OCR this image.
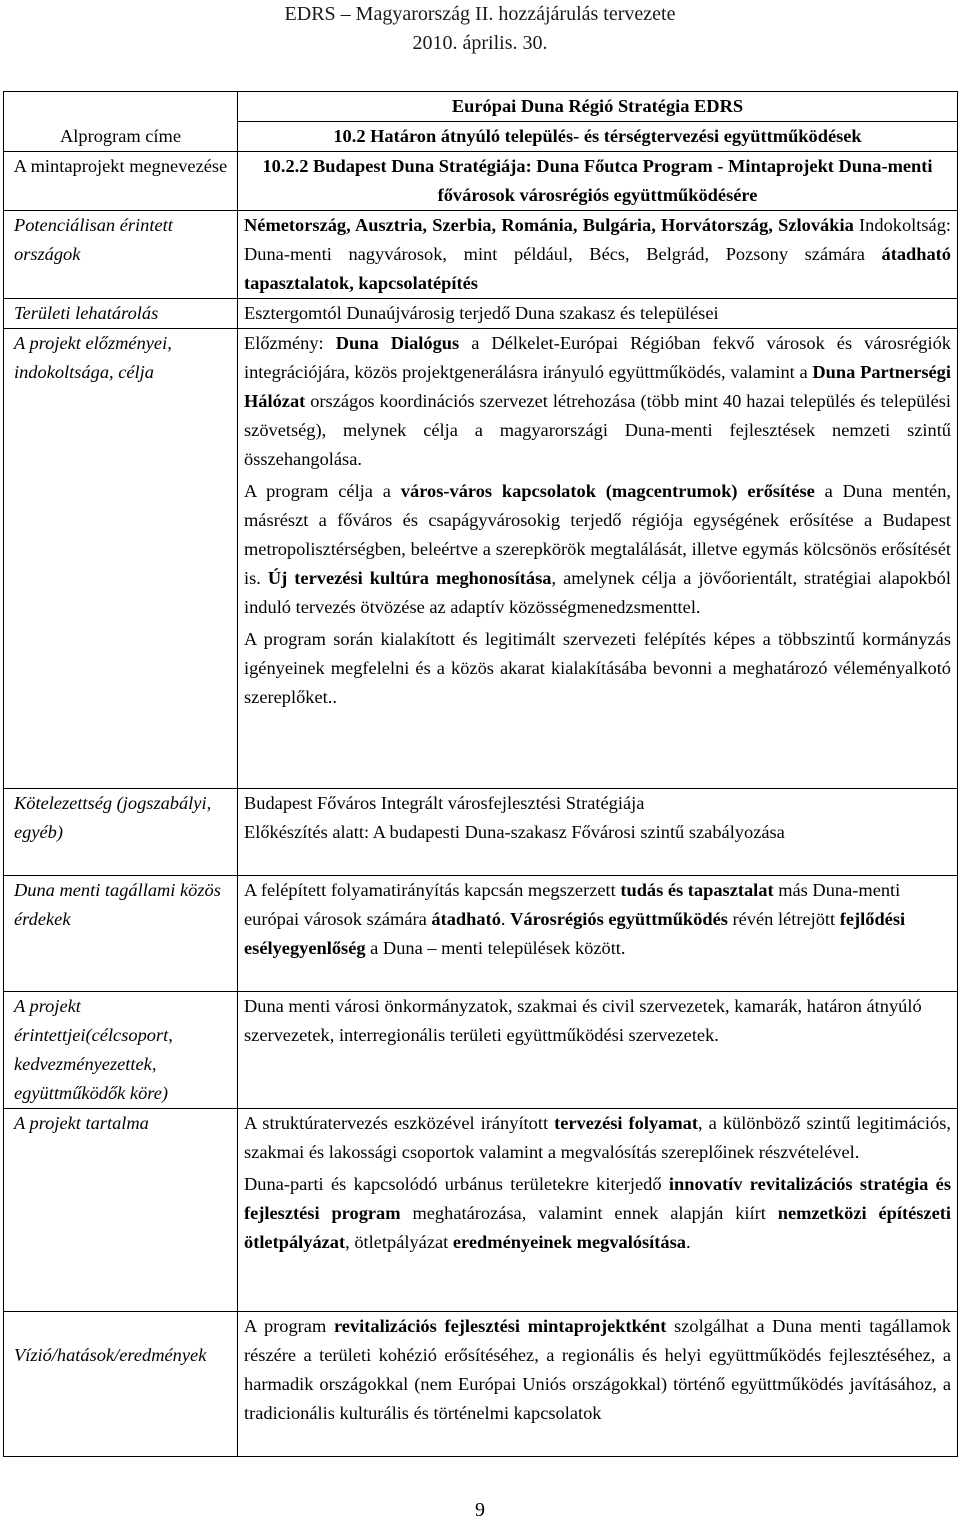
EDRS – Magyarország II. hozzájárulás tervezete
2010. április. 30.
	Európai Duna Régió Stratégia EDRS
Alprogram címe	10.2 Határon átnyúló település- és térségtervezési együttműködések
A mintaprojekt megnevezése	10.2.2 Budapest Duna Stratégiája: Duna Főutca Program - Mintaprojekt Duna-menti fővárosok városrégiós együttműködésére
Potenciálisan érintett országok	Németország, Ausztria, Szerbia, Románia, Bulgária, Horvátország, Szlovákia Indokoltság: Duna-menti nagyvárosok, mint például, Bécs, Belgrád, Pozsony számára átadható tapasztalatok, kapcsolatépítés
Területi lehatárolás	Esztergomtól Dunaújvárosig terjedő Duna szakasz és települései
A projekt előzményei, indokoltsága, célja	Előzmény: Duna Dialógus a Délkelet-Európai Régióban fekvő városok és városrégiók integrációjára, közös projektgenerálásra irányuló együttműködés, valamint a Duna Partnerségi Hálózat országos koordinációs szervezet létrehozása (több mint 40 hazai település és települési szövetség), melynek célja a magyarországi Duna-menti fejlesztések nemzeti szintű összehangolása.

A program célja a város-város kapcsolatok (magcentrumok) erősítése a Duna mentén, másrészt a főváros és csapágyvárosokig terjedő régiója egységének erősítése a Budapest metropolisztérségben, beleértve a szerepkörök megtalálását, illetve egymás kölcsönös erősítését is. Új tervezési kultúra meghonosítása, amelynek célja a jövőorientált, stratégiai alapokból induló tervezés ötvözése az adaptív közösségmenedzsmenttel.

A program során kialakított és legitimált szervezeti felépítés képes a többszintű kormányzás igényeinek megfelelni és a közös akarat kialakításába bevonni a meghatározó véleményalkotó szereplőket..

Kötelezettség (jogszabályi, egyéb)	Budapest Főváros Integrált városfejlesztési Stratégiája

Előkészítés alatt: A budapesti Duna-szakasz Fővárosi szintű szabályozása

Duna menti tagállami közös érdekek	A felépített folyamatirányítás kapcsán megszerzett tudás és tapasztalat más Duna-menti európai városok számára átadható. Városrégiós együttműködés révén létrejött fejlődési esélyegyenlőség a Duna – menti települések között.
A projekt érintettjei(célcsoport, kedvezményezettek, együttműködők köre)	Duna menti városi önkormányzatok, szakmai és civil szervezetek, kamarák, határon átnyúló szervezetek, interregionális területi együttműködési szervezetek.
A projekt tartalma	A struktúratervezés eszközével irányított tervezési folyamat, a különböző szintű legitimációs, szakmai és lakossági csoportok valamint a megvalósítás szereplőinek részvételével.

Duna-parti és kapcsolódó urbánus területekre kiterjedő innovatív revitalizációs stratégia és fejlesztési program meghatározása, valamint ennek alapján kiírt nemzetközi építészeti ötletpályázat, ötletpályázat eredményeinek megvalósítása.

Vízió/hatások/eredmények	A program revitalizációs fejlesztési mintaprojektként szolgálhat a Duna menti tagállamok részére a területi kohézió erősítéséhez, a regionális és helyi együttműködés fejlesztéséhez, a harmadik országokkal (nem Európai Uniós országokkal) történő együttműködés javításához, a tradicionális kulturális és történelmi kapcsolatok
9
